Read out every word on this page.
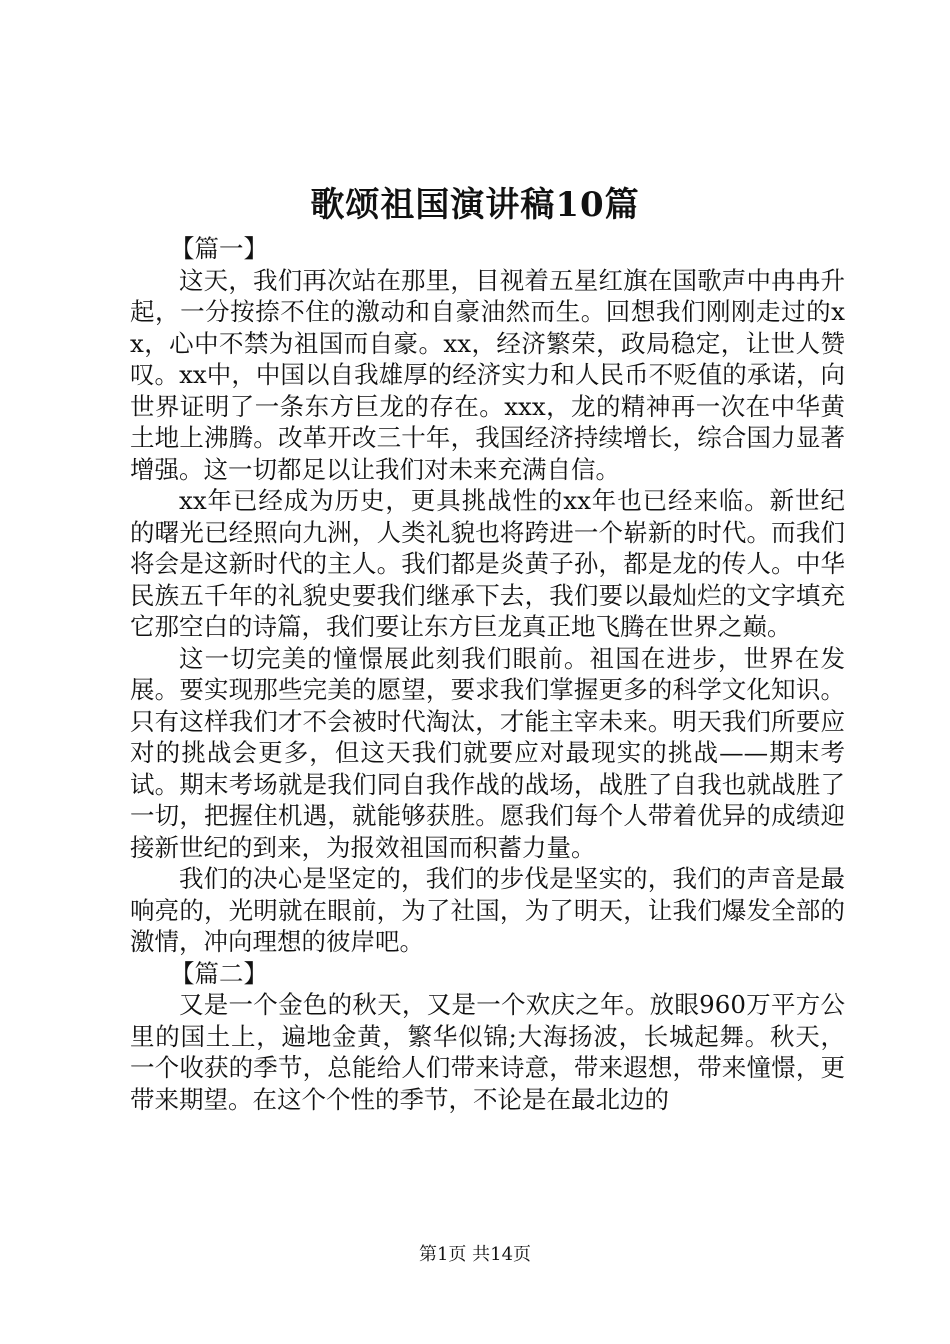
歌颂祖国演讲稿10篇

【篇一】

这天，我们再次站在那里，目视着五星红旗在国歌声中冉冉升起，一分按捺不住的激动和自豪油然而生。回想我们刚刚走过的xx，心中不禁为祖国而自豪。xx，经济繁荣，政局稳定，让世人赞叹。xx中，中国以自我雄厚的经济实力和人民币不贬值的承诺，向世界证明了一条东方巨龙的存在。xxx，龙的精神再一次在中华黄土地上沸腾。改革开改三十年，我国经济持续增长，综合国力显著增强。这一切都足以让我们对未来充满自信。

xx年已经成为历史，更具挑战性的xx年也已经来临。新世纪的曙光已经照向九洲，人类礼貌也将跨进一个崭新的时代。而我们将会是这新时代的主人。我们都是炎黄子孙，都是龙的传人。中华民族五千年的礼貌史要我们继承下去，我们要以最灿烂的文字填充它那空白的诗篇，我们要让东方巨龙真正地飞腾在世界之巅。

这一切完美的憧憬展此刻我们眼前。祖国在进步，世界在发展。要实现那些完美的愿望，要求我们掌握更多的科学文化知识。只有这样我们才不会被时代淘汰，才能主宰未来。明天我们所要应对的挑战会更多，但这天我们就要应对最现实的挑战——期末考试。期末考场就是我们同自我作战的战场，战胜了自我也就战胜了一切，把握住机遇，就能够获胜。愿我们每个人带着优异的成绩迎接新世纪的到来，为报效祖国而积蓄力量。

我们的决心是坚定的，我们的步伐是坚实的，我们的声音是最响亮的，光明就在眼前，为了社国，为了明天，让我们爆发全部的激情，冲向理想的彼岸吧。

【篇二】

又是一个金色的秋天，又是一个欢庆之年。放眼960万平方公里的国土上，遍地金黄，繁华似锦;大海扬波，长城起舞。秋天，一个收获的季节，总能给人们带来诗意，带来遐想，带来憧憬，更带来期望。在这个个性的季节，不论是在最北边的

第1页 共14页
